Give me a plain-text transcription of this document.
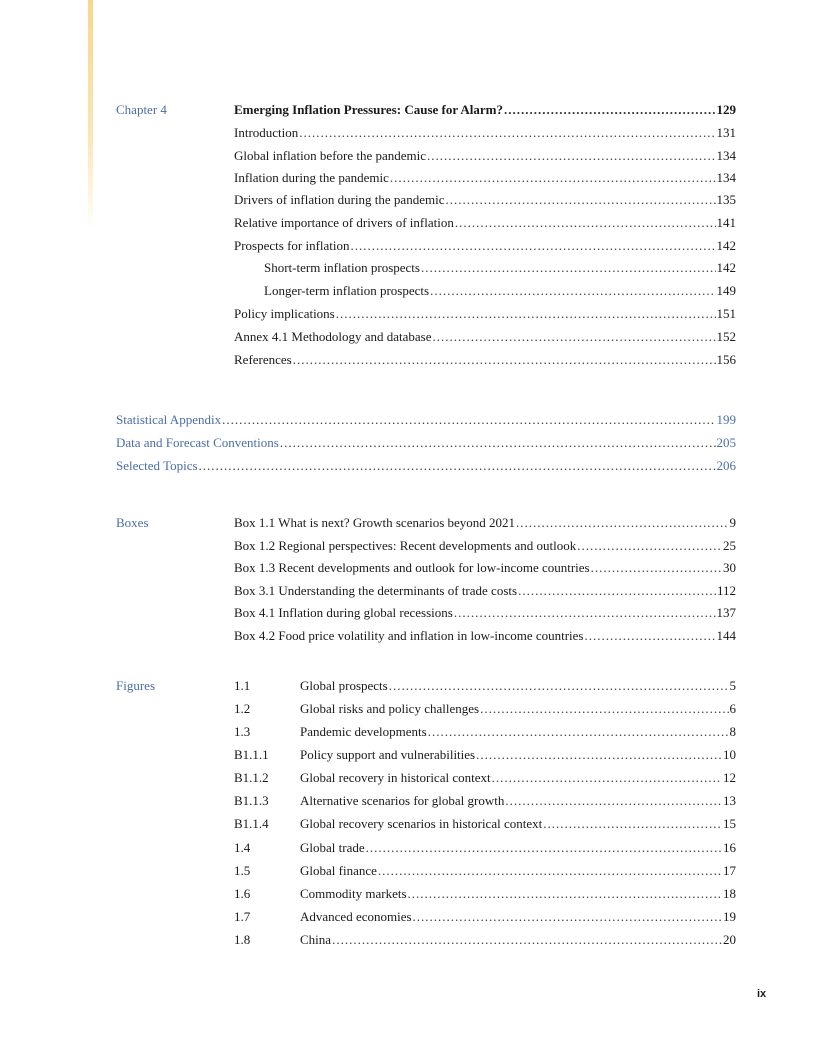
Chapter 4	Emerging Inflation Pressures: Cause for Alarm? .....	129
Introduction .....	131
Global inflation before the pandemic .....	134
Inflation during the pandemic .....	134
Drivers of inflation during the pandemic .....	135
Relative importance of drivers of inflation .....	141
Prospects for inflation .....	142
Short-term inflation prospects .....	142
Longer-term inflation prospects .....	149
Policy implications .....	151
Annex 4.1 Methodology and database .....	152
References .....	156
Statistical Appendix .....	199
Data and Forecast Conventions .....	205
Selected Topics .....	206
Boxes	Box 1.1 What is next? Growth scenarios beyond 2021 .....	9
Box 1.2 Regional perspectives: Recent developments and outlook .....	25
Box 1.3 Recent developments and outlook for low-income countries .....	30
Box 3.1 Understanding the determinants of trade costs .....	112
Box 4.1 Inflation during global recessions .....	137
Box 4.2 Food price volatility and inflation in low-income countries .....	144
Figures	1.1	Global prospects .....	5
1.2	Global risks and policy challenges .....	6
1.3	Pandemic developments .....	8
B1.1.1 Policy support and vulnerabilities .....	10
B1.1.2 Global recovery in historical context .....	12
B1.1.3 Alternative scenarios for global growth .....	13
B1.1.4 Global recovery scenarios in historical context .....	15
1.4	Global trade .....	16
1.5	Global finance .....	17
1.6	Commodity markets .....	18
1.7	Advanced economies .....	19
1.8	China .....	20
ix
